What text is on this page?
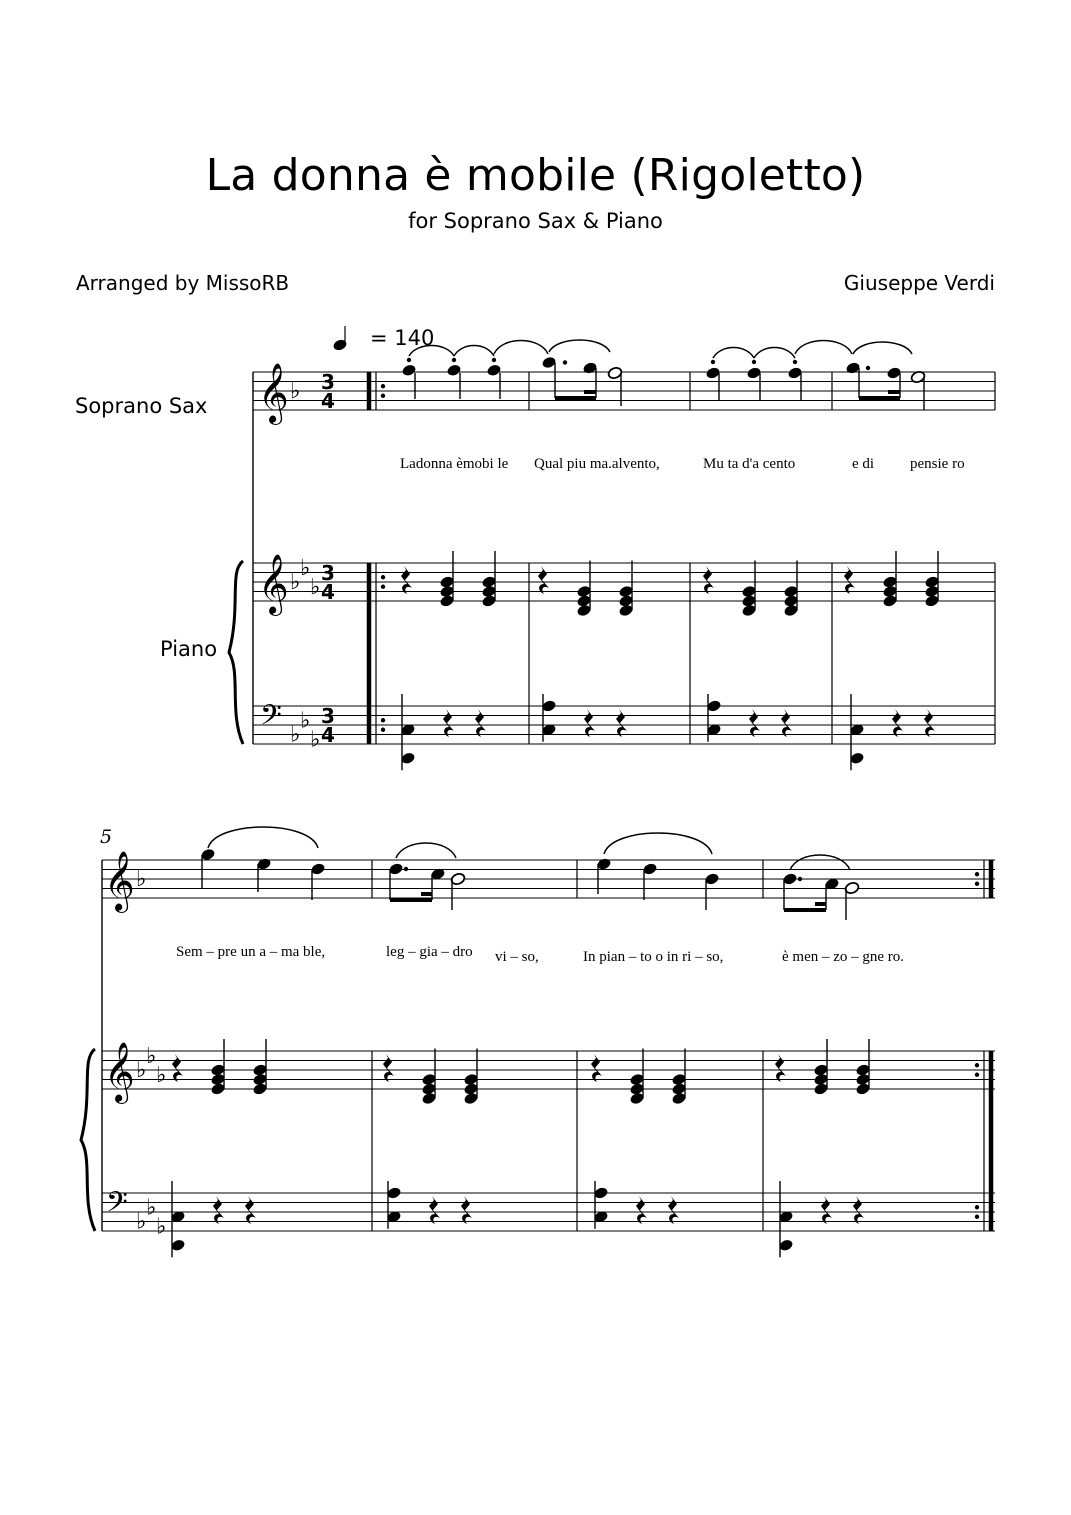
La donna è mobile (Rigoletto)
for Soprano Sax & Piano
Arranged by MissoRB	Giuseppe Verdi
= 140
Soprano Sax
Piano
5
Ladonna èmobi le Qual piu ma.alvento,	Mu ta d'a cento	e di pensie ro
Sem – pre un a – ma ble,	leg – gia – dro vi – so,	In pian – to o in ri – so,	è men – zo – gne ro.
𝄞 ♭ 3
4
𝄞 ♭
♭
♭
3
4
𝄢 ♭
♭
♭
3
4
𝄞 ♭
𝄞 ♭
♭
♭
𝄢 ♭
♭
♭
